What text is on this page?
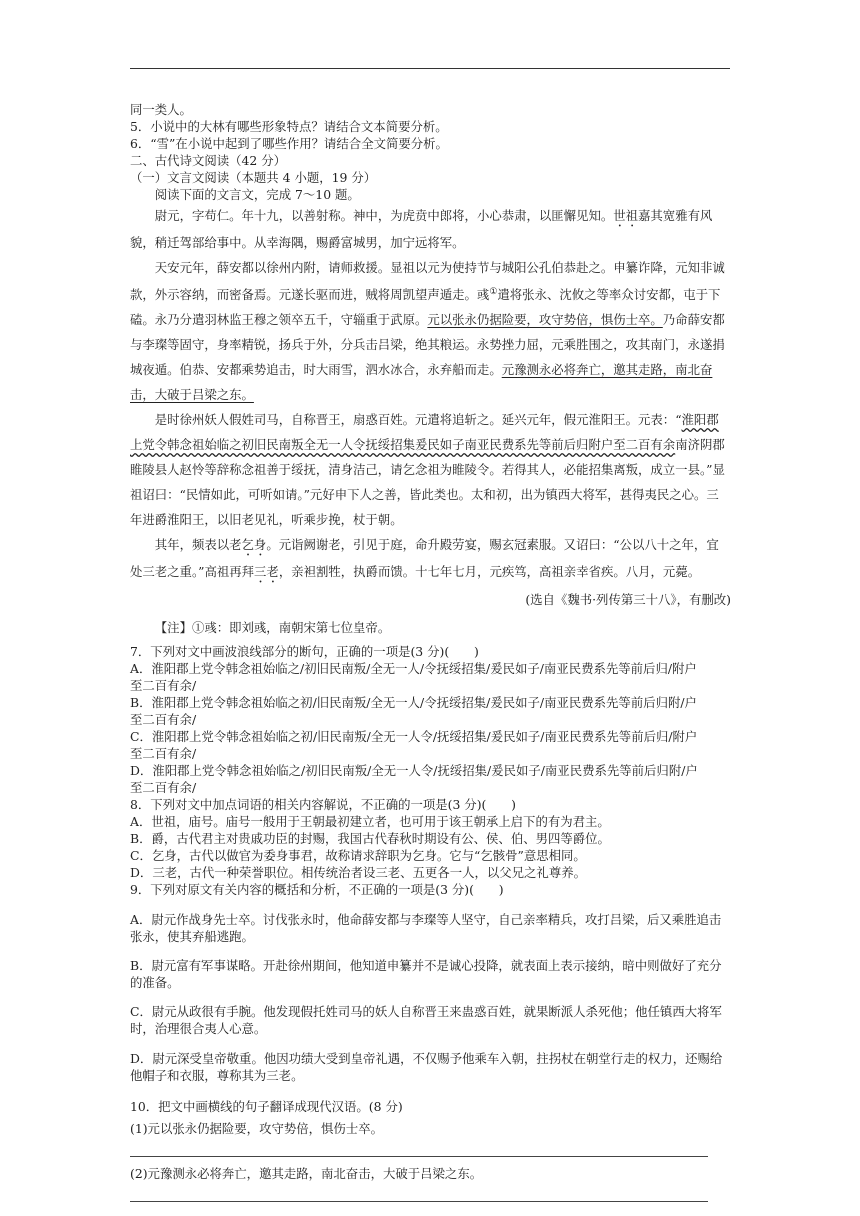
同一类人。

5．小说中的大林有哪些形象特点？请结合文本简要分析。

6．“雪”在小说中起到了哪些作用？请结合全文简要分析。

二、古代诗文阅读（42 分）

（一）文言文阅读（本题共 4 小题，19 分）

阅读下面的文言文，完成 7～10 题。

尉元，字苟仁。年十九，以善射称。神中，为虎贲中郎将，小心恭肃，以匪懈见知。世祖嘉其宽雅有风貌，稍迁驾部给事中。从幸海隅，赐爵富城男，加宁远将军。

天安元年，薛安都以徐州内附，请师救援。显祖以元为使持节与城阳公孔伯恭赴之。申纂诈降，元知非诚款，外示容纳，而密备焉。元遂长驱而进，贼将周凯望声遁走。彧①遣将张永、沈攸之等率众讨安都，屯于下磕。永乃分遣羽林监王穆之领卒五千，守辎重于武原。元以张永仍据险要，攻守势倍，惧伤士卒。乃命薛安都与李璨等固守，身率精锐，扬兵于外，分兵击吕梁，绝其粮运。永势挫力屈，元乘胜围之，攻其南门，永遂捐城夜遁。伯恭、安都乘势追击，时大雨雪，泗水冰合，永弃船而走。元豫测永必将奔亡，邀其走路，南北奋击，大破于吕梁之东。

是时徐州妖人假姓司马，自称晋王，扇惑百姓。元遣将追斩之。延兴元年，假元淮阳王。元表：“淮阳郡上党令韩念祖始临之初旧民南叛全无一人令抚绥招集爰民如子南亚民费系先等前后归附户至二百有余南济阴郡睢陵县人赵怜等辞称念祖善于绥抚，清身洁己，请乞念祖为睢陵令。若得其人，必能招集离叛，成立一县。”显祖诏曰：“民情如此，可听如请。”元好申下人之善，皆此类也。太和初，出为镇西大将军，甚得夷民之心。三年进爵淮阳王，以旧老见礼，听乘步挽，杖于朝。

其年，频表以老乞身。元诣阙谢老，引见于庭，命升殿劳宴，赐玄冠素服。又诏曰：“公以八十之年，宜处三老之重。”高祖再拜三老，亲袒割牲，执爵而馈。十七年七月，元疾笃，高祖亲幸省疾。八月，元薨。

(选自《魏书·列传第三十八》，有删改)

【注】①彧：即刘彧，南朝宋第七位皇帝。

7．下列对文中画波浪线部分的断句，正确的一项是(3 分)(　　)

A．淮阳郡上党令韩念祖始临之/初旧民南叛/全无一人/令抚绥招集/爰民如子/南亚民费系先等前后归/附户

至二百有余/

B．淮阳郡上党令韩念祖始临之初/旧民南叛/全无一人/令抚绥招集/爰民如子/南亚民费系先等前后归附/户

至二百有余/

C．淮阳郡上党令韩念祖始临之初/旧民南叛/全无一人令/抚绥招集/爰民如子/南亚民费系先等前后归/附户

至二百有余/

D．淮阳郡上党令韩念祖始临之/初旧民南叛/全无一人令/抚绥招集/爰民如子/南亚民费系先等前后归附/户

至二百有余/

8．下列对文中加点词语的相关内容解说，不正确的一项是(3 分)(　　)

A．世祖，庙号。庙号一般用于王朝最初建立者，也可用于该王朝承上启下的有为君主。

B．爵，古代君主对贵戚功臣的封赐，我国古代春秋时期设有公、侯、伯、男四等爵位。

C．乞身，古代以做官为委身事君，故称请求辞职为乞身。它与“乞骸骨”意思相同。

D．三老，古代一种荣誉职位。相传统治者设三老、五更各一人，以父兄之礼尊养。

9．下列对原文有关内容的概括和分析，不正确的一项是(3 分)(　　)

A．尉元作战身先士卒。讨伐张永时，他命薛安都与李璨等人坚守，自己亲率精兵，攻打吕梁，后又乘胜追击张永，使其弃船逃跑。

B．尉元富有军事谋略。开赴徐州期间，他知道申纂并不是诚心投降，就表面上表示接纳，暗中则做好了充分的准备。

C．尉元从政很有手腕。他发现假托姓司马的妖人自称晋王来蛊惑百姓，就果断派人杀死他；他任镇西大将军时，治理很合夷人心意。

D．尉元深受皇帝敬重。他因功绩大受到皇帝礼遇，不仅赐予他乘车入朝，拄拐杖在朝堂行走的权力，还赐给他帽子和衣服，尊称其为三老。

10．把文中画横线的句子翻译成现代汉语。(8 分)

(1)元以张永仍据险要，攻守势倍，惧伤士卒。

(2)元豫测永必将奔亡，邀其走路，南北奋击，大破于吕梁之东。
